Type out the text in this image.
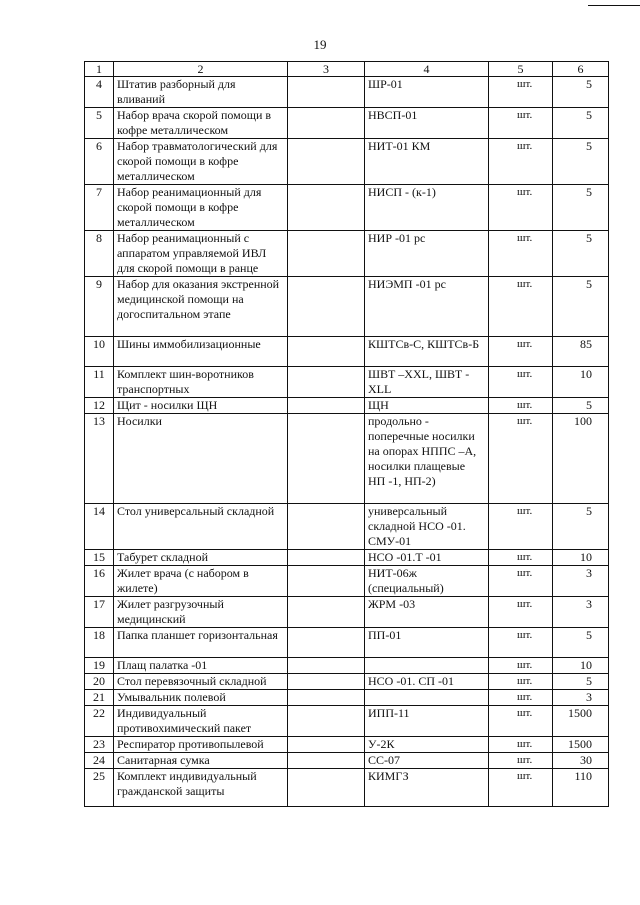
19
1	2	3	4	5	6
4	Штатив разборный для вливаний		ШР-01	шт.	5
5	Набор врача скорой помощи в кофре металлическом		НВСП-01	шт.	5
6	Набор травматологический для скорой помощи в кофре металлическом		НИТ-01 КМ	шт.	5
7	Набор реанимационный для скорой помощи в кофре металлическом		НИСП - (к-1)	шт.	5
8	Набор реанимационный с аппаратом управляемой ИВЛ для скорой помощи в ранце		НИР -01 рс	шт.	5
9	Набор для оказания экстренной медицинской помощи на догоспитальном этапе		НИЭМП -01 рс	шт.	5
10	Шины иммобилизационные		КШТСв-С, КШТСв-Б	шт.	85
11	Комплект шин-воротников транспортных		ШВТ –XXL, ШВТ -XLL	шт.	10
12	Щит - носилки ЩН		ЩН	шт.	5
13	Носилки		продольно - поперечные носилки на опорах НППС –А, носилки плащевые НП -1, НП-2)	шт.	100
14	Стол универсальный складной		универсальный складной НСО -01. СМУ-01	шт.	5
15	Табурет складной		НСО -01.Т -01	шт.	10
16	Жилет врача (с набором в жилете)		НИТ-06ж (специальный)	шт.	3
17	Жилет разгрузочный медицинский		ЖРМ -03	шт.	3
18	Папка планшет горизонтальная		ПП-01	шт.	5
19	Плащ палатка -01			шт.	10
20	Стол перевязочный складной		НСО -01. СП -01	шт.	5
21	Умывальник полевой			шт.	3
22	Индивидуальный противохимический пакет		ИПП-11	шт.	1500
23	Респиратор противопылевой		У-2К	шт.	1500
24	Санитарная сумка		СС-07	шт.	30
25	Комплект индивидуальный гражданской защиты		КИМГЗ	шт.	110
